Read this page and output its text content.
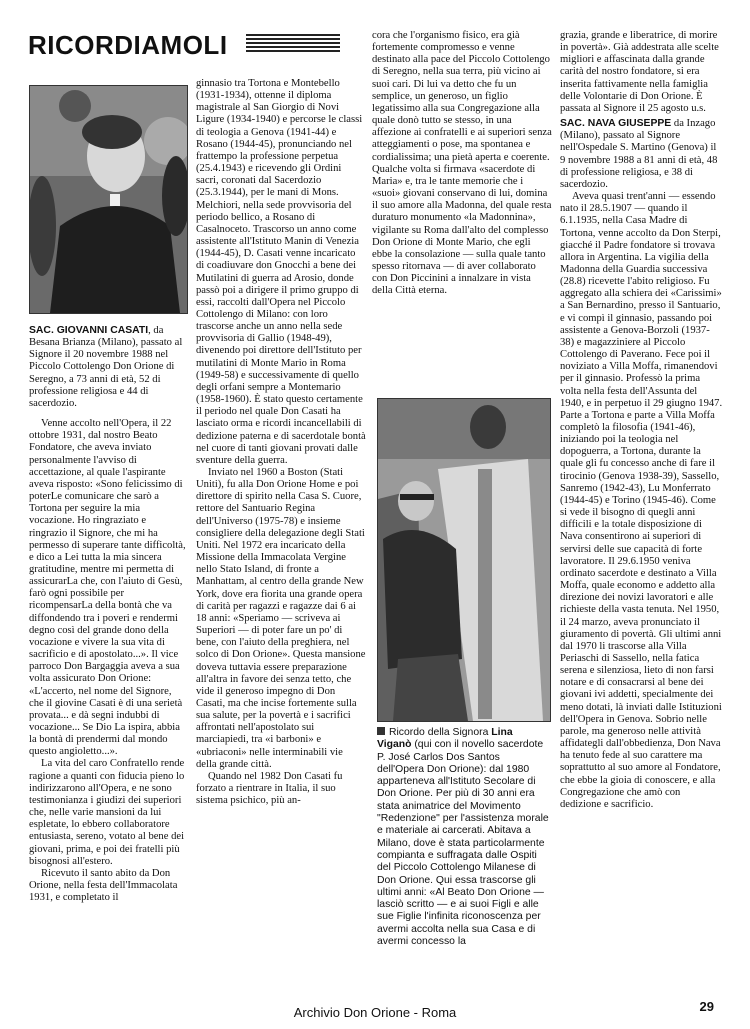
RICORDIAMOLI

SAC. GIOVANNI CASATI, da Besana Brianza (Milano), passato al Signore il 20 novembre 1988 nel Piccolo Cottolengo Don Orione di Seregno, a 73 anni di età, 52 di professione religiosa e 44 di sacerdozio.

Venne accolto nell'Opera, il 22 ottobre 1931, dal nostro Beato Fondatore, che aveva inviato personalmente l'avviso di accettazione, al quale l'aspirante aveva risposto: «Sono felicissimo di poterLe comunicare che sarò a Tortona per seguire la mia vocazione. Ho ringraziato e ringrazio il Signore, che mi ha permesso di superare tante difficoltà, e dico a Lei tutta la mia sincera gratitudine, mentre mi permetta di assicurarLa che, con l'aiuto di Gesù, farò ogni possibile per ricompensarLa della bontà che va diffondendo tra i poveri e rendermi degno così del grande dono della vocazione e vivere la sua vita di sacrificio e di apostolato...». Il vice parroco Don Bargaggia aveva a sua volta assicurato Don Orione: «L'accerto, nel nome del Signore, che il giovine Casati è di una serietà provata... e dà segni indubbi di vocazione... Se Dio La ispira, abbia la bontà di prendermi dal mondo questo angioletto...».

La vita del caro Confratello rende ragione a quanti con fiducia pieno lo indirizzarono all'Opera, e ne sono testimonianza i giudizi dei superiori che, nelle varie mansioni da lui espletate, lo ebbero collaboratore entusiasta, sereno, votato al bene dei giovani, prima, e poi dei fratelli più bisognosi all'estero.

Ricevuto il santo abito da Don Orione, nella festa dell'Immacolata 1931, e completato il

ginnasio tra Tortona e Montebello (1931-1934), ottenne il diploma magistrale al San Giorgio di Novi Ligure (1934-1940) e percorse le classi di teologia a Genova (1941-44) e Rosano (1944-45), pronunciando nel frattempo la professione perpetua (25.4.1943) e ricevendo gli Ordini sacri, coronati dal Sacerdozio (25.3.1944), per le mani di Mons. Melchiori, nella sede provvisoria del periodo bellico, a Rosano di Casalnoceto. Trascorso un anno come assistente all'Istituto Manin di Venezia (1944-45), D. Casati venne incaricato di coadiuvare don Gnocchi a bene dei Mutilatini di guerra ad Arosio, donde passò poi a dirigere il primo gruppo di essi, raccolti dall'Opera nel Piccolo Cottolengo di Milano: con loro trascorse anche un anno nella sede provvisoria di Gallio (1948-49), divenendo poi direttore dell'Istituto per mutilatini di Monte Mario in Roma (1949-58) e successivamente di quello degli orfani sempre a Montemario (1958-1960). È stato questo certamente il periodo nel quale Don Casati ha lasciato orma e ricordi incancellabili di dedizione paterna e di sacerdotale bontà nel cuore di tanti giovani provati dalle sventure della guerra.

Inviato nel 1960 a Boston (Stati Uniti), fu alla Don Orione Home e poi direttore di spirito nella Casa S. Cuore, rettore del Santuario Regina dell'Universo (1975-78) e insieme consigliere della delegazione degli Stati Uniti. Nel 1972 era incaricato della Missione della Immacolata Vergine nello Stato Island, di fronte a Manhattam, al centro della grande New York, dove era fiorita una grande opera di carità per ragazzi e ragazze dai 6 ai 18 anni: «Speriamo — scriveva ai Superiori — di poter fare un po' di bene, con l'aiuto della preghiera, nel solco di Don Orione». Questa mansione doveva tuttavia essere preparazione all'altra in favore dei senza tetto, che vide il generoso impegno di Don Casati, ma che incise fortemente sulla sua salute, per la povertà e i sacrifici affrontati nell'apostolato sui marciapiedi, tra «i barboni» e «ubriaconi» nelle interminabili vie della grande città.

Quando nel 1982 Don Casati fu forzato a rientrare in Italia, il suo sistema psichico, più an-

cora che l'organismo fisico, era già fortemente compromesso e venne destinato alla pace del Piccolo Cottolengo di Seregno, nella sua terra, più vicino ai suoi cari. Di lui va detto che fu un semplice, un generoso, un figlio legatissimo alla sua Congregazione alla quale donò tutto se stesso, in una affezione ai confratelli e ai superiori senza atteggiamenti o pose, ma spontanea e cordialissima; una pietà aperta e coerente. Qualche volta si firmava «sacerdote di Maria» e, tra le tante memorie che i «suoi» giovani conservano di lui, domina il suo amore alla Madonna, del quale resta duraturo monumento «la Madonnina», vigilante su Roma dall'alto del complesso Don Orione di Monte Mario, che egli ebbe la consolazione — sulla quale tanto spesso ritornava — di aver collaborato con Don Piccinini a innalzare in vista della Città eterna.

Ricordo della Signora Lina Viganò (qui con il novello sacerdote P. José Carlos Dos Santos dell'Opera Don Orione): dal 1980 apparteneva all'Istituto Secolare di Don Orione. Per più di 30 anni era stata animatrice del Movimento "Redenzione" per l'assistenza morale e materiale ai carcerati. Abitava a Milano, dove è stata particolarmente compianta e suffragata dalle Ospiti del Piccolo Cottolengo Milanese di Don Orione. Qui essa trascorse gli ultimi anni: «Al Beato Don Orione — lasciò scritto — e ai suoi Figli e alle sue Figlie l'infinita riconoscenza per avermi accolta nella sua Casa e di avermi concesso la

grazia, grande e liberatrice, di morire in povertà». Già addestrata alle scelte migliori e affascinata dalla grande carità del nostro fondatore, si era inserita fattivamente nella famiglia delle Volontarie di Don Orione. È passata al Signore il 25 agosto u.s.

SAC. NAVA GIUSEPPE da Inzago (Milano), passato al Signore nell'Ospedale S. Martino (Genova) il 9 novembre 1988 a 81 anni di età, 48 di professione religiosa, e 38 di sacerdozio.

Aveva quasi trent'anni — essendo nato il 28.5.1907 — quando il 6.1.1935, nella Casa Madre di Tortona, venne accolto da Don Sterpi, giacché il Padre fondatore si trovava allora in Argentina. La vigilia della Madonna della Guardia successiva (28.8) ricevette l'abito religioso. Fu aggregato alla schiera dei «Carissimi» a San Bernardino, presso il Santuario, e vi compì il ginnasio, passando poi assistente a Genova-Borzoli (1937-38) e magazziniere al Piccolo Cottolengo di Paverano. Fece poi il noviziato a Villa Moffa, rimanendovi per il ginnasio. Professò la prima volta nella festa dell'Assunta del 1940, e in perpetuo il 29 giugno 1947. Parte a Tortona e parte a Villa Moffa completò la filosofia (1941-46), iniziando poi la teologia nel dopoguerra, a Tortona, durante la quale gli fu concesso anche di fare il tirocinio (Genova 1938-39), Sassello, Sanremo (1942-43), Lu Monferrato (1944-45) e Torino (1945-46). Come si vede il bisogno di quegli anni difficili e la totale disposizione di Nava consentirono ai superiori di servirsi delle sue capacità di forte lavoratore. Il 29.6.1950 veniva ordinato sacerdote e destinato a Villa Moffa, quale economo e addetto alla direzione dei novizi lavoratori e alle richieste della vasta tenuta. Nel 1950, il 24 marzo, aveva pronunciato il giuramento di povertà. Gli ultimi anni dal 1970 li trascorse alla Villa Periaschi di Sassello, nella fatica serena e silenziosa, lieto di non farsi notare e di consacrarsi al bene dei giovani ivi addetti, specialmente dei meno dotati, là inviati dalle Istituzioni dell'Opera in Genova. Sobrio nelle parole, ma generoso nelle attività affidategli dall'obbedienza, Don Nava ha tenuto fede al suo carattere ma soprattutto al suo amore al Fondatore, che ebbe la gioia di conoscere, e alla Congregazione che amò con dedizione e sacrificio.

29
Archivio Don Orione - Roma
